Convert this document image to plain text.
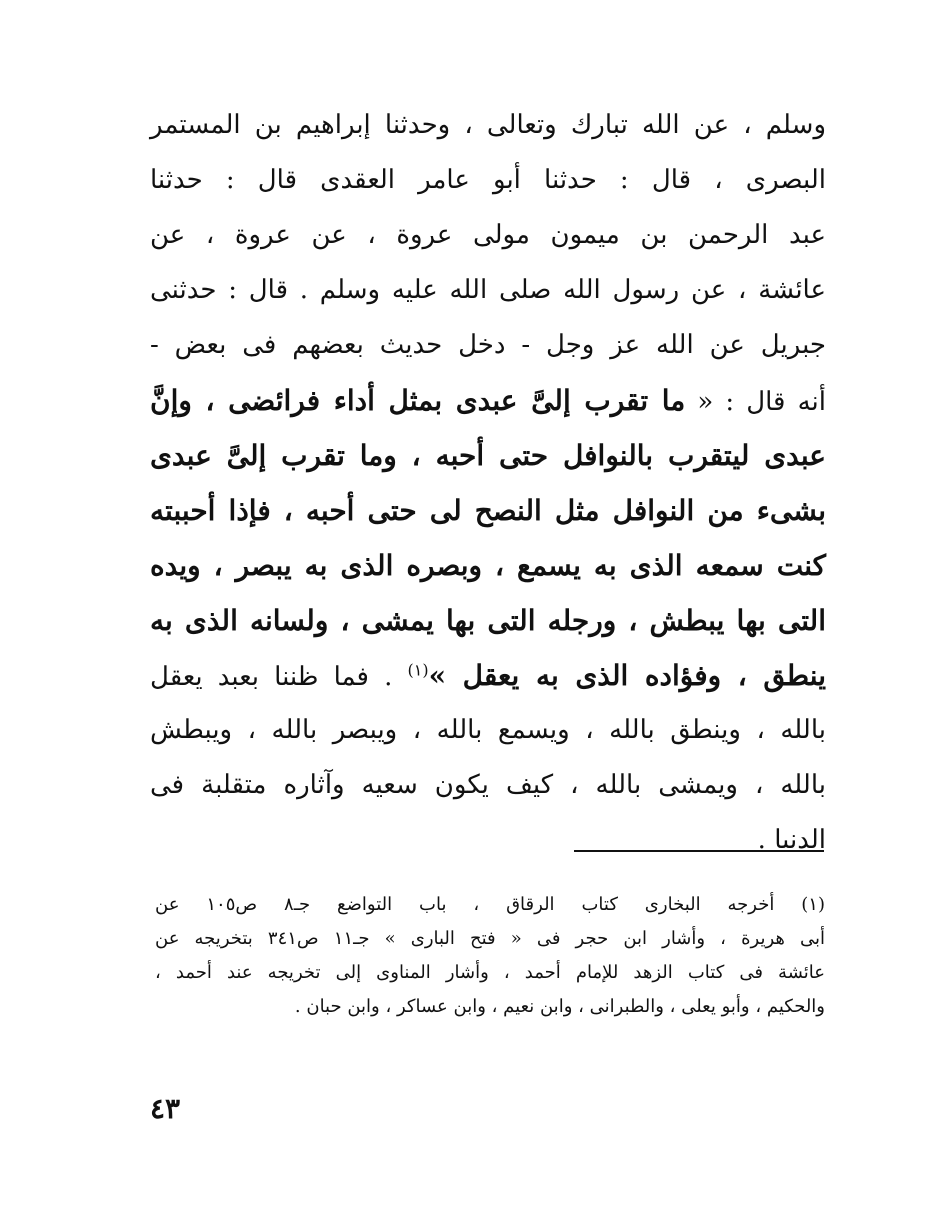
وسلم ، عن الله تبارك وتعالى ، وحدثنا إبراهيم بن المستمر
البصرى ، قال : حدثنا أبو عامر العقدى قال : حدثنا
عبد الرحمن بن ميمون مولى عروة ، عن عروة ، عن
عائشة ، عن رسول الله صلى الله عليه وسلم . قال : حدثنى
جبريل عن الله عز وجل - دخل حديث بعضهم فى بعض -
أنه قال : « ما تقرب إلىَّ عبدى بمثل أداء فرائضى ، وإنَّ
عبدى ليتقرب بالنوافل حتى أحبه ، وما تقرب إلىَّ عبدى
بشىء من النوافل مثل النصح لى حتى أحبه ، فإذا أحببته
كنت سمعه الذى به يسمع ، وبصره الذى به يبصر ، ويده
التى بها يبطش ، ورجله التى بها يمشى ، ولسانه الذى به
ينطق ، وفؤاده الذى به يعقل »$^{(١)}$ . فما ظننا بعبد يعقل
بالله ، وينطق بالله ، ويسمع بالله ، ويبصر بالله ، ويبطش
بالله ، ويمشى بالله ، كيف يكون سعيه وآثاره متقلبة فى
الدنيا .
(١) أخرجه البخارى كتاب الرقاق ، باب التواضع جـ٨ ص١٠٥ عن
أبى هريرة ، وأشار ابن حجر فى « فتح البارى » جـ١١ ص٣٤١ بتخريجه عن
عائشة فى كتاب الزهد للإمام أحمد ، وأشار المناوى إلى تخريجه عند أحمد ،
والحكيم ، وأبو يعلى ، والطبرانى ، وابن نعيم ، وابن عساكر ، وابن حبان .
٤٣
